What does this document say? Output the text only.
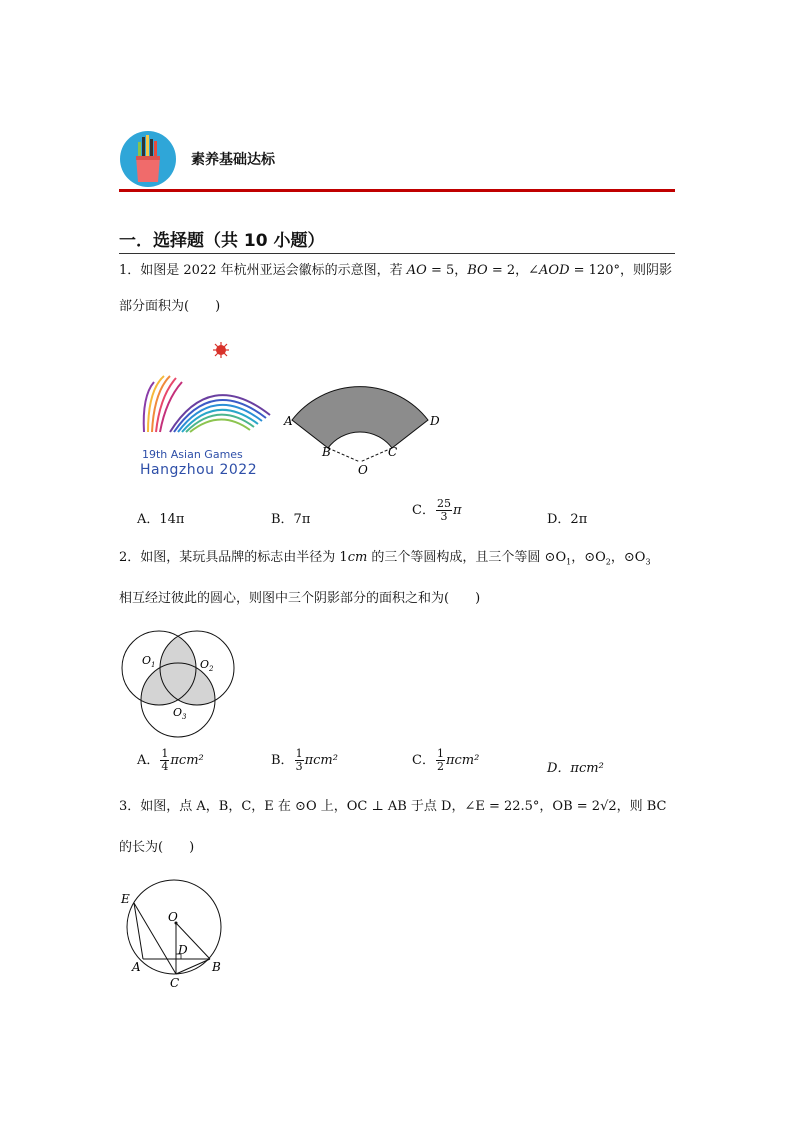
素养基础达标
一．选择题（共 10 小题）
1．如图是 2022 年杭州亚运会徽标的示意图，若 AO = 5，BO = 2，∠AOD = 120°，则阴影
部分面积为(　　)
19th Asian Games
Hangzhou 2022
A	D
B	C
O
A．14π	B．7π
C． $\frac{25}{3}$ π
D．2π
2．如图，某玩具品牌的标志由半径为 1cm 的三个等圆构成，且三个等圆 $⊙O_1$，$⊙O_2$，$⊙O_3$
相互经过彼此的圆心，则图中三个阴影部分的面积之和为(　　)
$O_1$	$O_2$
$O_3$
A． $\frac{1}{4} \pi cm^2$	B． $\frac{1}{3} \pi cm^2$	C． $\frac{1}{2} \pi cm^2$
D．πcm²
3．如图，点 A，B，C，E 在 ⊙O 上，OC ⊥ AB 于点 D，∠E = 22.5°，OB = 2√2，则 BC
的长为(　　)
E
O
D
A	B
C
